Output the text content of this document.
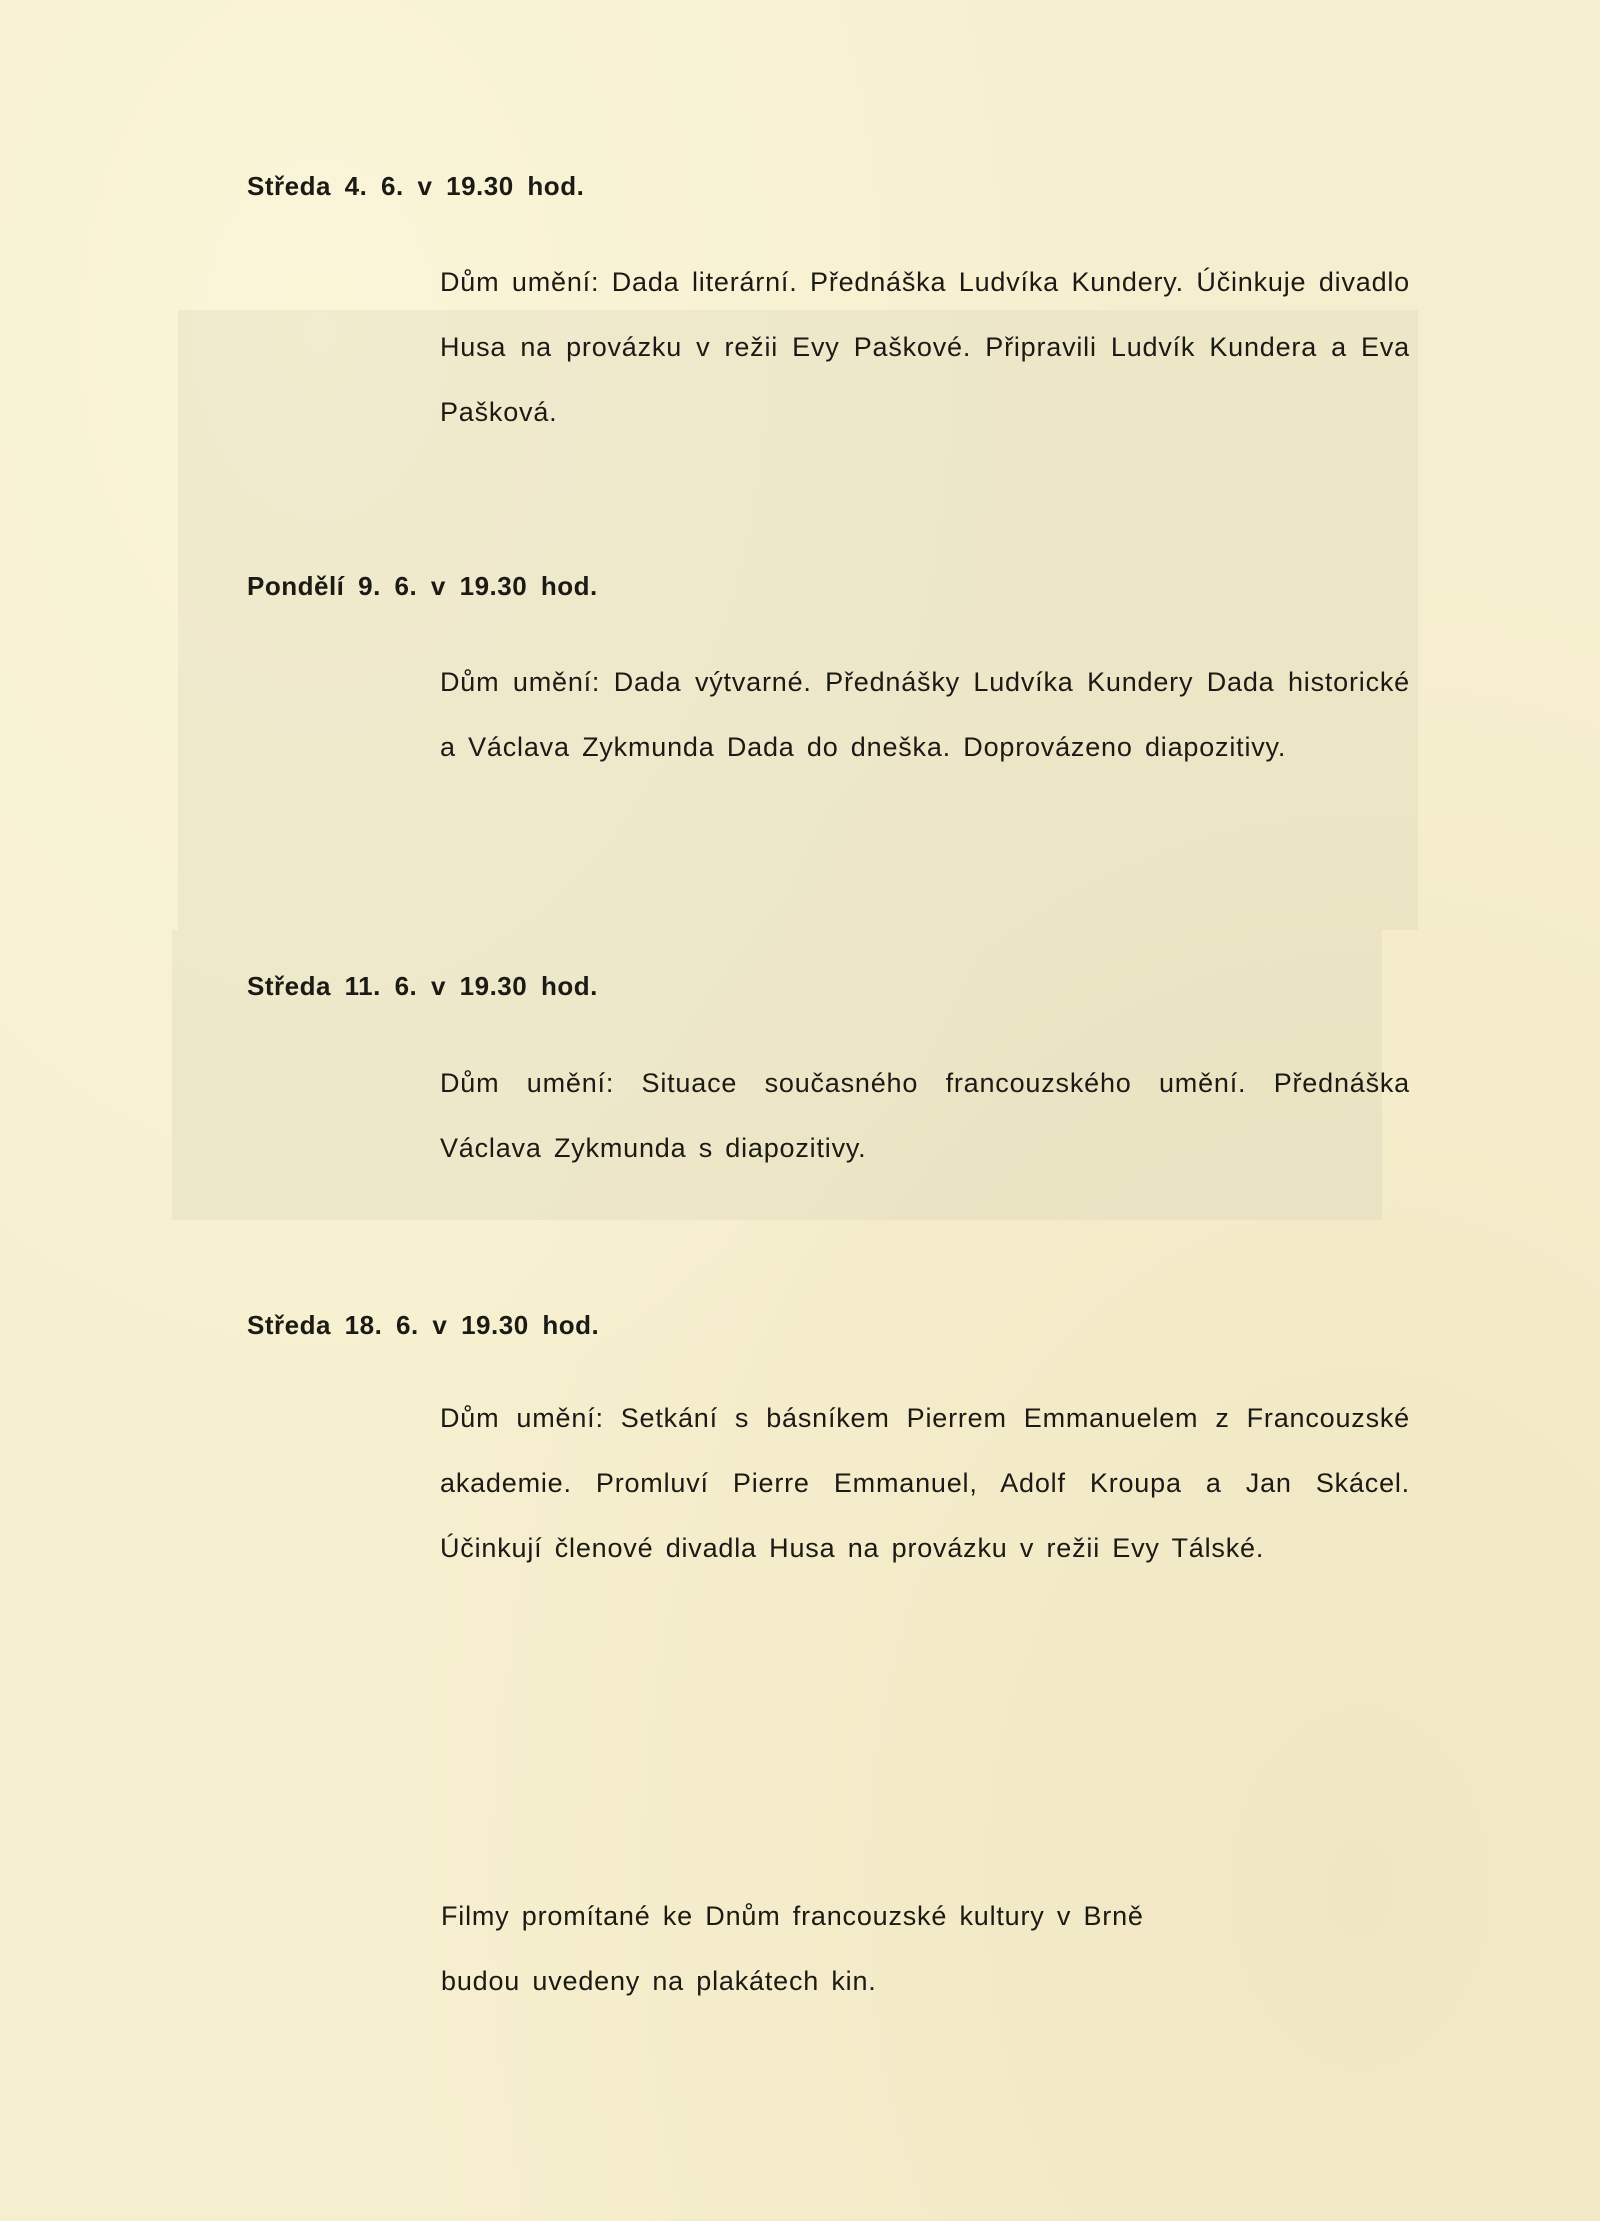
Středa 4. 6. v 19.30 hod.

Dům umění: Dada literární. Přednáška Ludvíka Kundery. Účinkuje divadlo Husa na provázku v režii Evy Paškové. Připravili Ludvík Kundera a Eva Pašková.

Pondělí 9. 6. v 19.30 hod.

Dům umění: Dada výtvarné. Přednášky Ludvíka Kundery Dada historické a Václava Zykmunda Dada do dneška. Doprovázeno diapozitivy.

Středa 11. 6. v 19.30 hod.

Dům umění: Situace současného francouzského umění. Přednáška Václava Zykmunda s diapozitivy.

Středa 18. 6. v 19.30 hod.

Dům umění: Setkání s básníkem Pierrem Emmanuelem z Francouzské akademie. Promluví Pierre Emmanuel, Adolf Kroupa a Jan Skácel. Účinkují členové divadla Husa na provázku v režii Evy Tálské.

Filmy promítané ke Dnům francouzské kultury v Brně
budou uvedeny na plakátech kin.
